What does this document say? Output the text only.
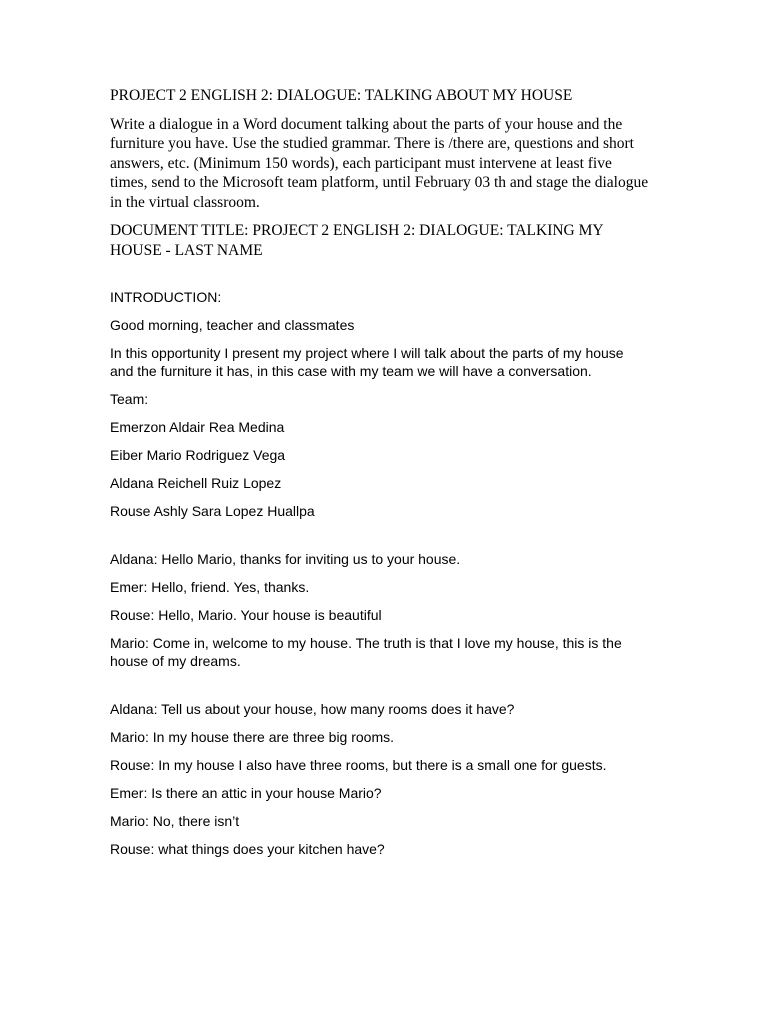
PROJECT 2 ENGLISH 2: DIALOGUE: TALKING ABOUT MY HOUSE

Write a dialogue in a Word document talking about the parts of your house and the furniture you have. Use the studied grammar. There is /there are, questions and short answers, etc. (Minimum 150 words), each participant must intervene at least five times, send to the Microsoft team platform, until February 03 th and stage the dialogue in the virtual classroom.

DOCUMENT TITLE: PROJECT 2 ENGLISH 2: DIALOGUE: TALKING MY HOUSE - LAST NAME

INTRODUCTION:

Good morning, teacher and classmates

In this opportunity I present my project where I will talk about the parts of my house and the furniture it has, in this case with my team we will have a conversation.

Team:

Emerzon Aldair Rea Medina

Eiber Mario Rodriguez Vega

Aldana Reichell Ruiz Lopez

Rouse Ashly Sara Lopez Huallpa

Aldana: Hello Mario, thanks for inviting us to your house.

Emer: Hello, friend. Yes, thanks.

Rouse: Hello, Mario. Your house is beautiful

Mario: Come in, welcome to my house. The truth is that I love my house, this is the house of my dreams.

Aldana: Tell us about your house, how many rooms does it have?

Mario: In my house there are three big rooms.

Rouse: In my house I also have three rooms, but there is a small one for guests.

Emer: Is there an attic in your house Mario?

Mario: No, there isn’t

Rouse: what things does your kitchen have?
